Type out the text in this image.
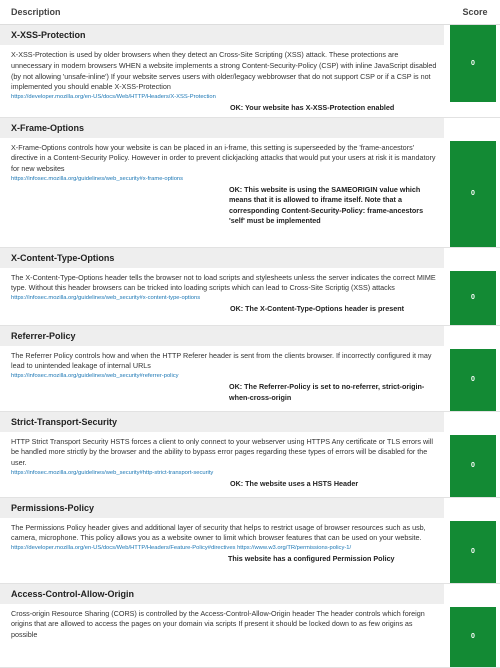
Description	Score
X-XSS-Protection

X-XSS-Protection is used by older browsers when they detect an Cross-Site Scripting (XSS) attack. These protections are unnecessary in modern browsers WHEN a website implements a strong Content-Security-Policy (CSP) with inline JavaScript disabled (by not allowing 'unsafe-inline') If your website serves users with older/legacy webbrowser that do not support CSP or if a CSP is not implemented you should enable X-XSS-Protection

https://developer.mozilla.org/en-US/docs/Web/HTTP/Headers/X-XSS-Protection

OK: Your website has X-XSS-Protection enabled

0
X-Frame-Options

X-Frame-Options controls how your website is can be placed in an i-frame, this setting is superseeded by the 'frame-ancestors' directive in a Content-Security Policy. However in order to prevent clickjacking attacks that would put your users at risk it is mandatory for new websites

https://infosec.mozilla.org/guidelines/web_security#x-frame-options

OK: This website is using the SAMEORIGIN value which means that it is allowed to iframe itself. Note that a corresponding Content-Security-Policy: frame-ancestors 'self' must be implemented

0
X-Content-Type-Options

The X-Content-Type-Options header tells the browser not to load scripts and stylesheets unless the server indicates the correct MIME type. Without this header browsers can be tricked into loading scripts which can lead to Cross-Site Scriptig (XSS) attacks

https://infosec.mozilla.org/guidelines/web_security#x-content-type-options

OK: The X-Content-Type-Options header is present

0
Referrer-Policy

The Referrer Policy controls how and when the HTTP Referer header is sent from the clients browser. If incorrectly configured it may lead to unintended leakage of internal URLs

https://infosec.mozilla.org/guidelines/web_security#referrer-policy

OK: The Referrer-Policy is set to no-referrer, strict-origin-when-cross-origin

0
Strict-Transport-Security

HTTP Strict Transport Security HSTS forces a client to only connect to your webserver using HTTPS Any certificate or TLS errors will be handled more strictly by the browser and the ability to bypass error pages regarding these types of errors will be disabled for the user.

https://infosec.mozilla.org/guidelines/web_security#http-strict-transport-security

OK: The website uses a HSTS Header

0
Permissions-Policy

The Permissions Policy header gives and additional layer of security that helps to restrict usage of browser resources such as usb, camera, microphone. This policy allows you as a website owner to limit which browser features that can be used on your website.

https://developer.mozilla.org/en-US/docs/Web/HTTP/Headers/Feature-Policy#directives https://www.w3.org/TR/permissions-policy-1/

This website has a configured Permission Policy

0
Access-Control-Allow-Origin

Cross-origin Resource Sharing (CORS) is controlled by the Access-Control-Allow-Origin header The header controls which foreign origins that are allowed to access the pages on your domain via scripts If present it should be locked down to as few origins as possible	0
